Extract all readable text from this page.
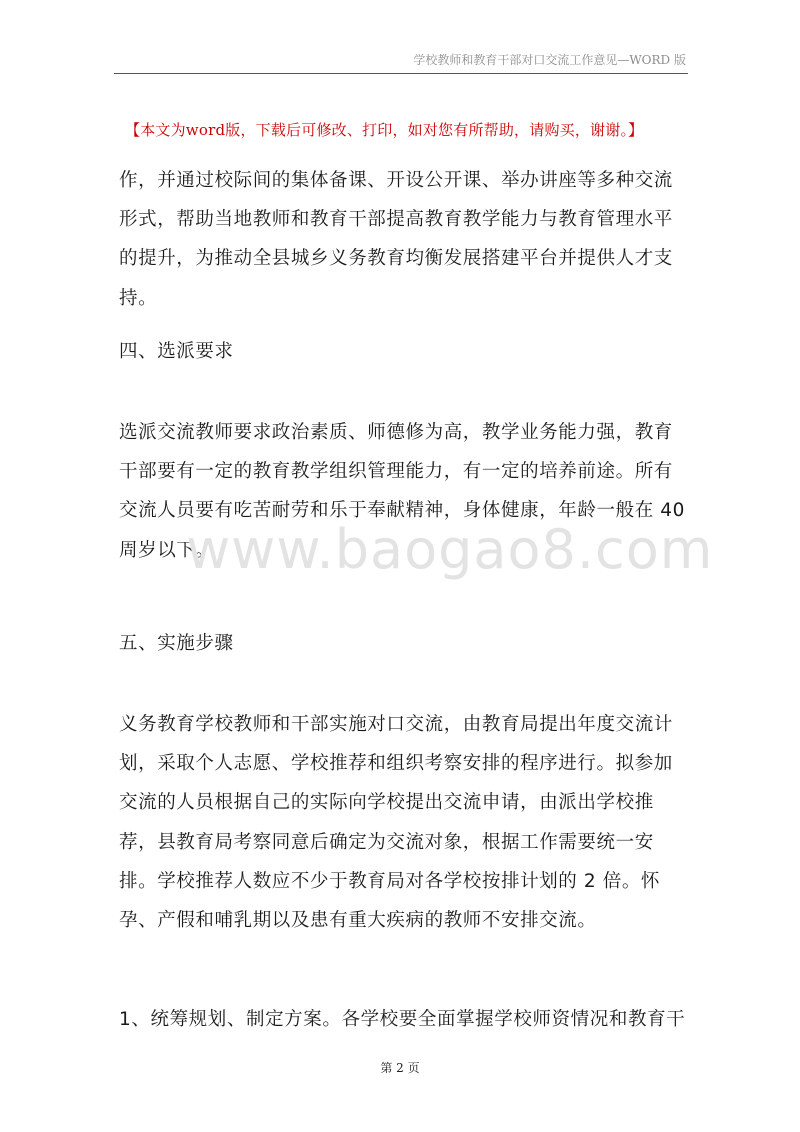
学校教师和教育干部对口交流工作意见—WORD 版
【本文为word版，下载后可修改、打印，如对您有所帮助，请购买，谢谢。】

作，并通过校际间的集体备课、开设公开课、举办讲座等多种交流形式，帮助当地教师和教育干部提高教育教学能力与教育管理水平的提升，为推动全县城乡义务教育均衡发展搭建平台并提供人才支持。

四、选派要求

选派交流教师要求政治素质、师德修为高，教学业务能力强，教育干部要有一定的教育教学组织管理能力，有一定的培养前途。所有交流人员要有吃苦耐劳和乐于奉献精神，身体健康，年龄一般在 40 周岁以下。

www.baogao8.com

五、实施步骤

义务教育学校教师和干部实施对口交流，由教育局提出年度交流计划，采取个人志愿、学校推荐和组织考察安排的程序进行。拟参加交流的人员根据自己的实际向学校提出交流申请，由派出学校推荐，县教育局考察同意后确定为交流对象，根据工作需要统一安排。学校推荐人数应不少于教育局对各学校按排计划的 2 倍。怀孕、产假和哺乳期以及患有重大疾病的教师不安排交流。

1、统筹规划、制定方案。各学校要全面掌握学校师资情况和教育干

第 2 页
